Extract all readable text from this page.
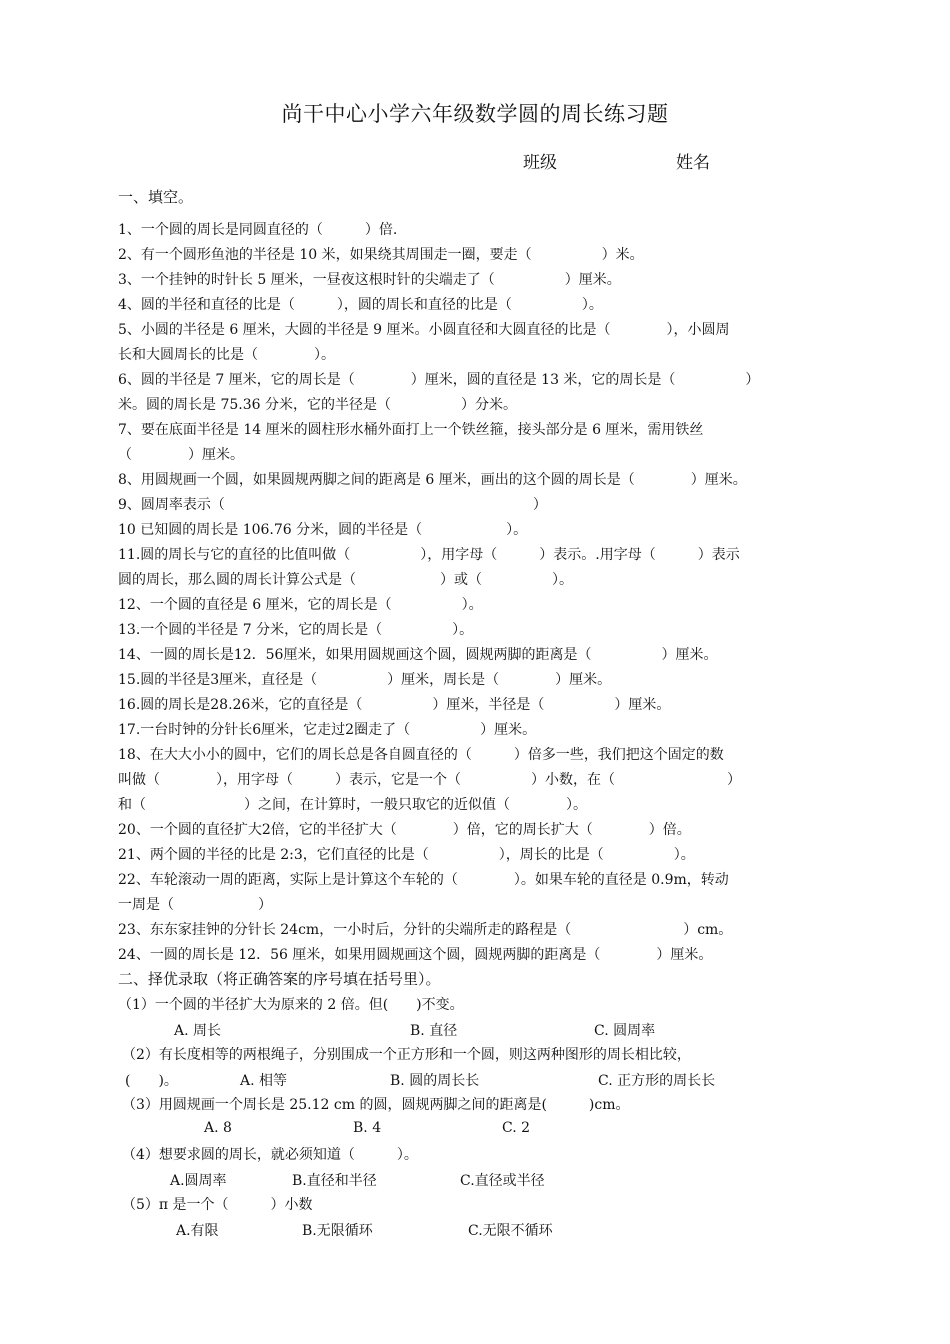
尚干中心小学六年级数学圆的周长练习题
班级	姓名
一、填空。
1、一个圆的周长是同圆直径的（　　　）倍.
2、有一个圆形鱼池的半径是 10 米，如果绕其周围走一圈，要走（　　　　　）米。
3、一个挂钟的时针长 5 厘米，一昼夜这根时针的尖端走了（　　　　　）厘米。
4、圆的半径和直径的比是（　　　），圆的周长和直径的比是（　　　　　）。
5、小圆的半径是 6 厘米，大圆的半径是 9 厘米。小圆直径和大圆直径的比是（　　　　），小圆周
长和大圆周长的比是（　　　　）。
6、圆的半径是 7 厘米，它的周长是（　　　　）厘米，圆的直径是 13 米，它的周长是（　　　　　）
米。圆的周长是 75.36 分米，它的半径是（　　　　　）分米。
7、要在底面半径是 14 厘米的圆柱形水桶外面打上一个铁丝箍，接头部分是 6 厘米，需用铁丝
（　　　　）厘米。
8、用圆规画一个圆，如果圆规两脚之间的距离是 6 厘米，画出的这个圆的周长是（　　　　）厘米。
9、圆周率表示（　　　　　　　　　　　　　　　　　　　　　　）
10 已知圆的周长是 106.76 分米，圆的半径是（　　　　　　）。
11.圆的周长与它的直径的比值叫做（　　　　　），用字母（　　　）表示。.用字母（　　　）表示
圆的周长，那么圆的周长计算公式是（　　　　　　）或（　　　　　）。
12、一个圆的直径是 6 厘米，它的周长是（　　　　　）。
13.一个圆的半径是 7 分米，它的周长是（　　　　　）。
14、一圆的周长是12．56厘米，如果用圆规画这个圆，圆规两脚的距离是（　　　　　）厘米。
15.圆的半径是3厘米，直径是（　　　　　）厘米，周长是（　　　　）厘米。
16.圆的周长是28.26米，它的直径是（　　　　　）厘米，半径是（　　　　　）厘米。
17.一台时钟的分针长6厘米，它走过2圈走了（　　　　　）厘米。
18、在大大小小的圆中，它们的周长总是各自圆直径的（　　　）倍多一些，我们把这个固定的数
叫做（　　　　），用字母（　　　）表示，它是一个（　　　　　）小数，在（　　　　　　　　）
和（　　　　　　　）之间，在计算时，一般只取它的近似值（　　　　）。
20、一个圆的直径扩大2倍，它的半径扩大（　　　　）倍，它的周长扩大（　　　　）倍。
21、两个圆的半径的比是 2:3，它们直径的比是（　　　　　），周长的比是（　　　　　）。
22、车轮滚动一周的距离，实际上是计算这个车轮的（　　　　）。如果车轮的直径是 0.9m，转动
一周是（　　　　　　）
23、东东家挂钟的分针长 24cm，一小时后，分针的尖端所走的路程是（　　　　　　　　）cm。
24、一圆的周长是 12．56 厘米，如果用圆规画这个圆，圆规两脚的距离是（　　　　）厘米。
二、择优录取（将正确答案的序号填在括号里）。
（1）一个圆的半径扩大为原来的 2 倍。但(　　)不变。
A. 周长	B. 直径	C. 圆周率
（2）有长度相等的两根绳子，分别围成一个正方形和一个圆，则这两种图形的周长相比较，
(　　)。	A. 相等	B. 圆的周长长	C. 正方形的周长长
（3）用圆规画一个周长是 25.12 cm 的圆，圆规两脚之间的距离是(　　　)cm。
A. 8	B. 4	C. 2
（4）想要求圆的周长，就必须知道（　　　）。
A.圆周率	B.直径和半径	C.直径或半径
（5）π 是一个（　　　）小数
A.有限	B.无限循环	C.无限不循环
